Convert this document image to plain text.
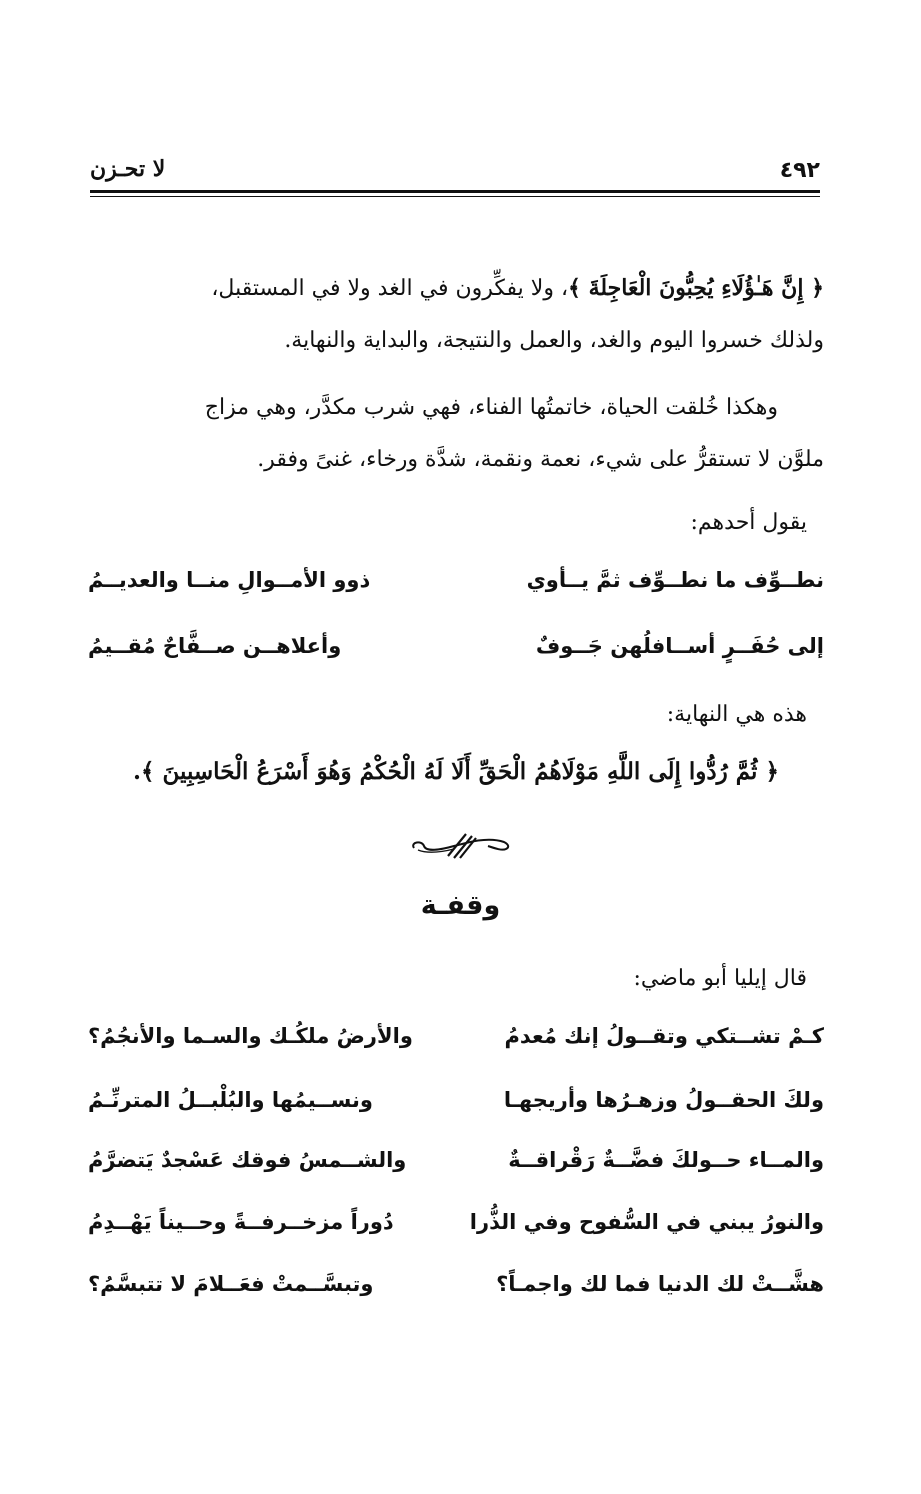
٤٩٢
لا تحـزن
﴿ إِنَّ هَـٰؤُلَاءِ يُحِبُّونَ الْعَاجِلَةَ ﴾، ولا يفكِّرون في الغد ولا في المستقبل،
ولذلك خسروا اليوم والغد، والعمل والنتيجة، والبداية والنهاية.
وهكذا خُلقت الحياة، خاتمتُها الفناء، فهي شرب مكدَّر، وهي مزاج
ملوَّن لا تستقرُّ على شيء، نعمة ونقمة، شدَّة ورخاء، غنىً وفقر.
يقول أحدهم:
نطــوِّف ما نطــوِّف ثمَّ يــأوي
ذوو الأمــوالِ منــا والعديــمُ
إلى حُفَــرٍ أســافلُهن جَــوفٌ
وأعلاهــن صــفَّاحٌ مُقــيمُ
هذه هي النهاية:
﴿ ثُمَّ رُدُّوا إِلَى اللَّهِ مَوْلَاهُمُ الْحَقِّ أَلَا لَهُ الْحُكْمُ وَهُوَ أَسْرَعُ الْحَاسِبِينَ ﴾.
وقفـة
قال إيليا أبو ماضي:
كـمْ تشــتكي وتقــولُ إنك مُعدمُ
والأرضُ ملكُـك والسـما والأنجُمُ؟
ولكَ الحقــولُ وزهـرُها وأريجهـا
ونســيمُها والبُلْبــلُ المترنِّـمُ
والمــاء حــولكَ فضَّــةٌ رَقْراقــةٌ
والشــمسُ فوقك عَسْجدٌ يَتضرَّمُ
والنورُ يبني في السُّفوح وفي الذُّرا
دُوراً مزخــرفــةً وحــيناً يَهْــدِمُ
هشَّــتْ لك الدنيا فما لك واجمـاً؟
وتبسَّــمتْ فعَــلامَ لا تتبسَّمُ؟
